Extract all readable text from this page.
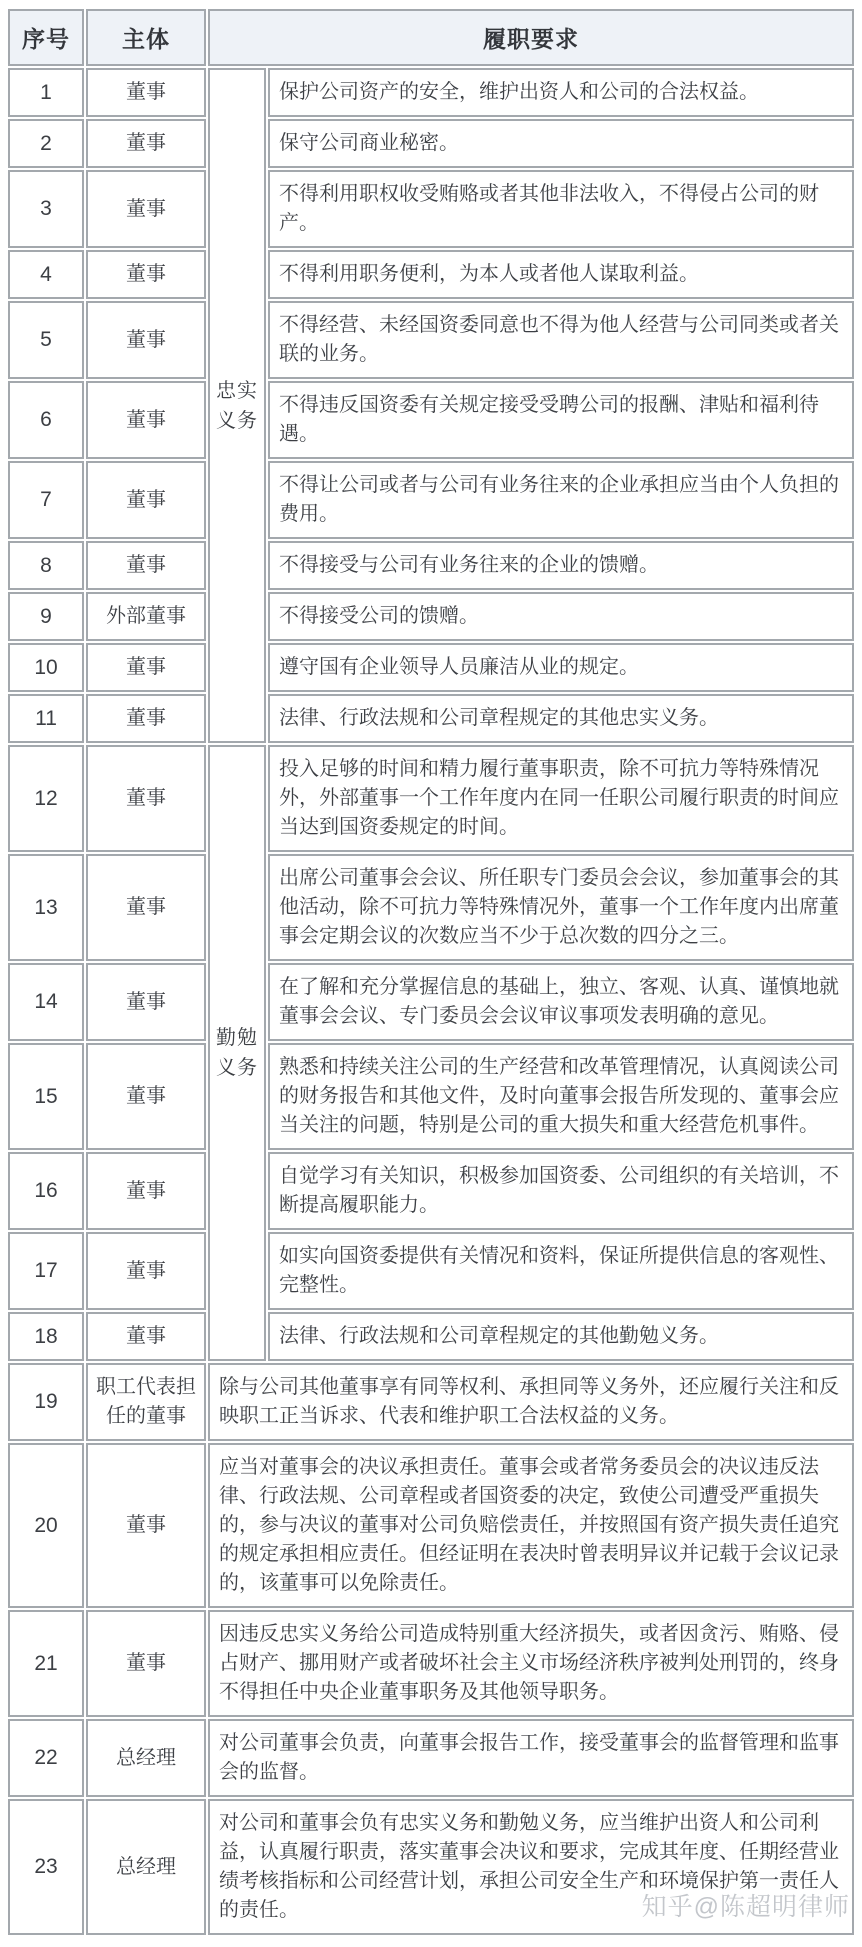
序号	主体	履职要求	
1	董事	忠实义务	保护公司资产的安全，维护出资人和公司的合法权益。
2	董事		保守公司商业秘密。
3	董事		不得利用职权收受贿赂或者其他非法收入，不得侵占公司的财产。
4	董事		不得利用职务便利，为本人或者他人谋取利益。
5	董事		不得经营、未经国资委同意也不得为他人经营与公司同类或者关联的业务。
6	董事		不得违反国资委有关规定接受受聘公司的报酬、津贴和福利待遇。
7	董事		不得让公司或者与公司有业务往来的企业承担应当由个人负担的费用。
8	董事		不得接受与公司有业务往来的企业的馈赠。
9	外部董事		不得接受公司的馈赠。
10	董事		遵守国有企业领导人员廉洁从业的规定。
11	董事		法律、行政法规和公司章程规定的其他忠实义务。
12	董事	勤勉义务	投入足够的时间和精力履行董事职责，除不可抗力等特殊情况外，外部董事一个工作年度内在同一任职公司履行职责的时间应当达到国资委规定的时间。
13	董事		出席公司董事会会议、所任职专门委员会会议，参加董事会的其他活动，除不可抗力等特殊情况外，董事一个工作年度内出席董事会定期会议的次数应当不少于总次数的四分之三。
14	董事		在了解和充分掌握信息的基础上，独立、客观、认真、谨慎地就董事会会议、专门委员会会议审议事项发表明确的意见。
15	董事		熟悉和持续关注公司的生产经营和改革管理情况，认真阅读公司的财务报告和其他文件，及时向董事会报告所发现的、董事会应当关注的问题，特别是公司的重大损失和重大经营危机事件。
16	董事		自觉学习有关知识，积极参加国资委、公司组织的有关培训，不断提高履职能力。
17	董事		如实向国资委提供有关情况和资料，保证所提供信息的客观性、完整性。
18	董事		法律、行政法规和公司章程规定的其他勤勉义务。
19	职工代表担任的董事	除与公司其他董事享有同等权利、承担同等义务外，还应履行关注和反映职工正当诉求、代表和维护职工合法权益的义务。	
20	董事	应当对董事会的决议承担责任。董事会或者常务委员会的决议违反法律、行政法规、公司章程或者国资委的决定，致使公司遭受严重损失的，参与决议的董事对公司负赔偿责任，并按照国有资产损失责任追究的规定承担相应责任。但经证明在表决时曾表明异议并记载于会议记录的，该董事可以免除责任。	
21	董事	因违反忠实义务给公司造成特别重大经济损失，或者因贪污、贿赂、侵占财产、挪用财产或者破坏社会主义市场经济秩序被判处刑罚的，终身不得担任中央企业董事职务及其他领导职务。	
22	总经理	对公司董事会负责，向董事会报告工作，接受董事会的监督管理和监事会的监督。	
23	总经理	对公司和董事会负有忠实义务和勤勉义务，应当维护出资人和公司利益，认真履行职责，落实董事会决议和要求，完成其年度、任期经营业绩考核指标和公司经营计划，承担公司安全生产和环境保护第一责任人的责任。		知乎@陈超明律师
